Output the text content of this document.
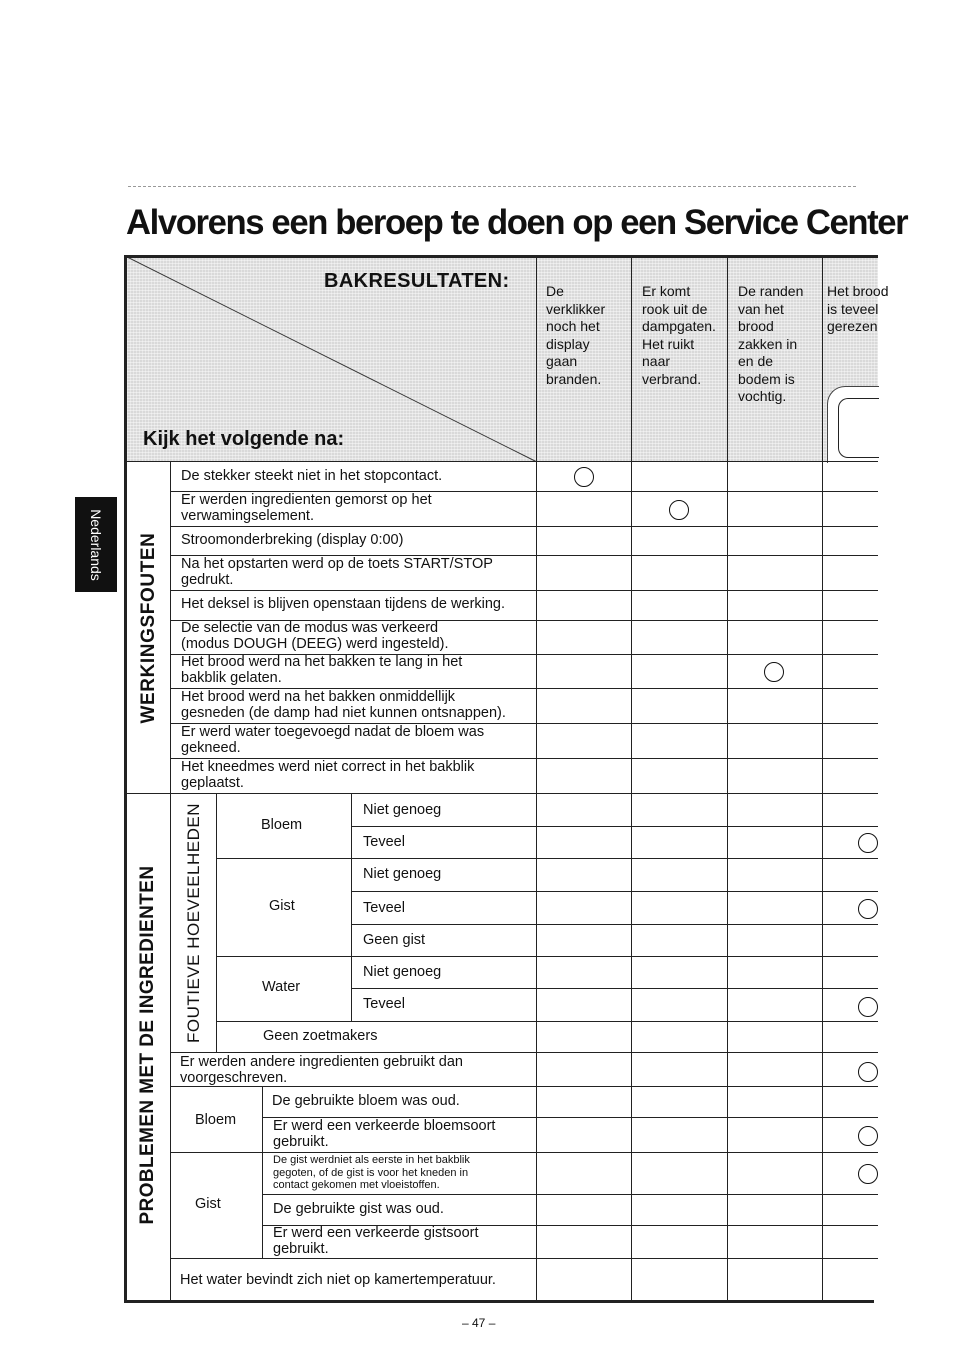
Alvorens een beroep te doen op een Service Center
Nederlands
BAKRESULTATEN:
Kijk het volgende na:
De
verklikker
noch het
display
gaan
branden.
Er komt
rook uit de
dampgaten.
Het ruikt
naar
verbrand.
De randen
van het
brood
zakken in
en de
bodem is
vochtig.
Het brood
is teveel
gerezen
WERKINGSFOUTEN
PROBLEMEN MET DE INGREDIENTEN
De stekker steekt niet in het stopcontact.
Er werden ingredienten gemorst op het
verwamingselement.
Stroomonderbreking (display 0:00)
Na het opstarten werd op de toets START/STOP
gedrukt.
Het deksel is blijven openstaan tijdens de werking.
De selectie van de modus was verkeerd
(modus DOUGH (DEEG) werd ingesteld).
Het brood werd na het bakken te lang in het
bakblik gelaten.
Het brood werd na het bakken onmiddellijk
gesneden (de damp had niet kunnen ontsnappen).
Er werd water toegevoegd nadat de bloem was
gekneed.
Het kneedmes werd niet correct in het bakblik
geplaatst.
FOUTIEVE HOEVEELHEDEN	Bloem
Niet genoeg
Teveel
Gist
Niet genoeg
Teveel
Geen gist
Water
Niet genoeg
Teveel
Geen zoetmakers
Er werden andere ingredienten gebruikt dan
voorgeschreven.
Bloem
De gebruikte bloem was oud.
Er werd een verkeerde bloemsoort
gebruikt.
Gist
De gist werdniet als eerste in het bakblik
gegoten, of de gist is voor het kneden in
contact gekomen met vloeistoffen.
De gebruikte gist was oud.
Er werd een verkeerde gistsoort
gebruikt.
Het water bevindt zich niet op kamertemperatuur.
– 47 –
